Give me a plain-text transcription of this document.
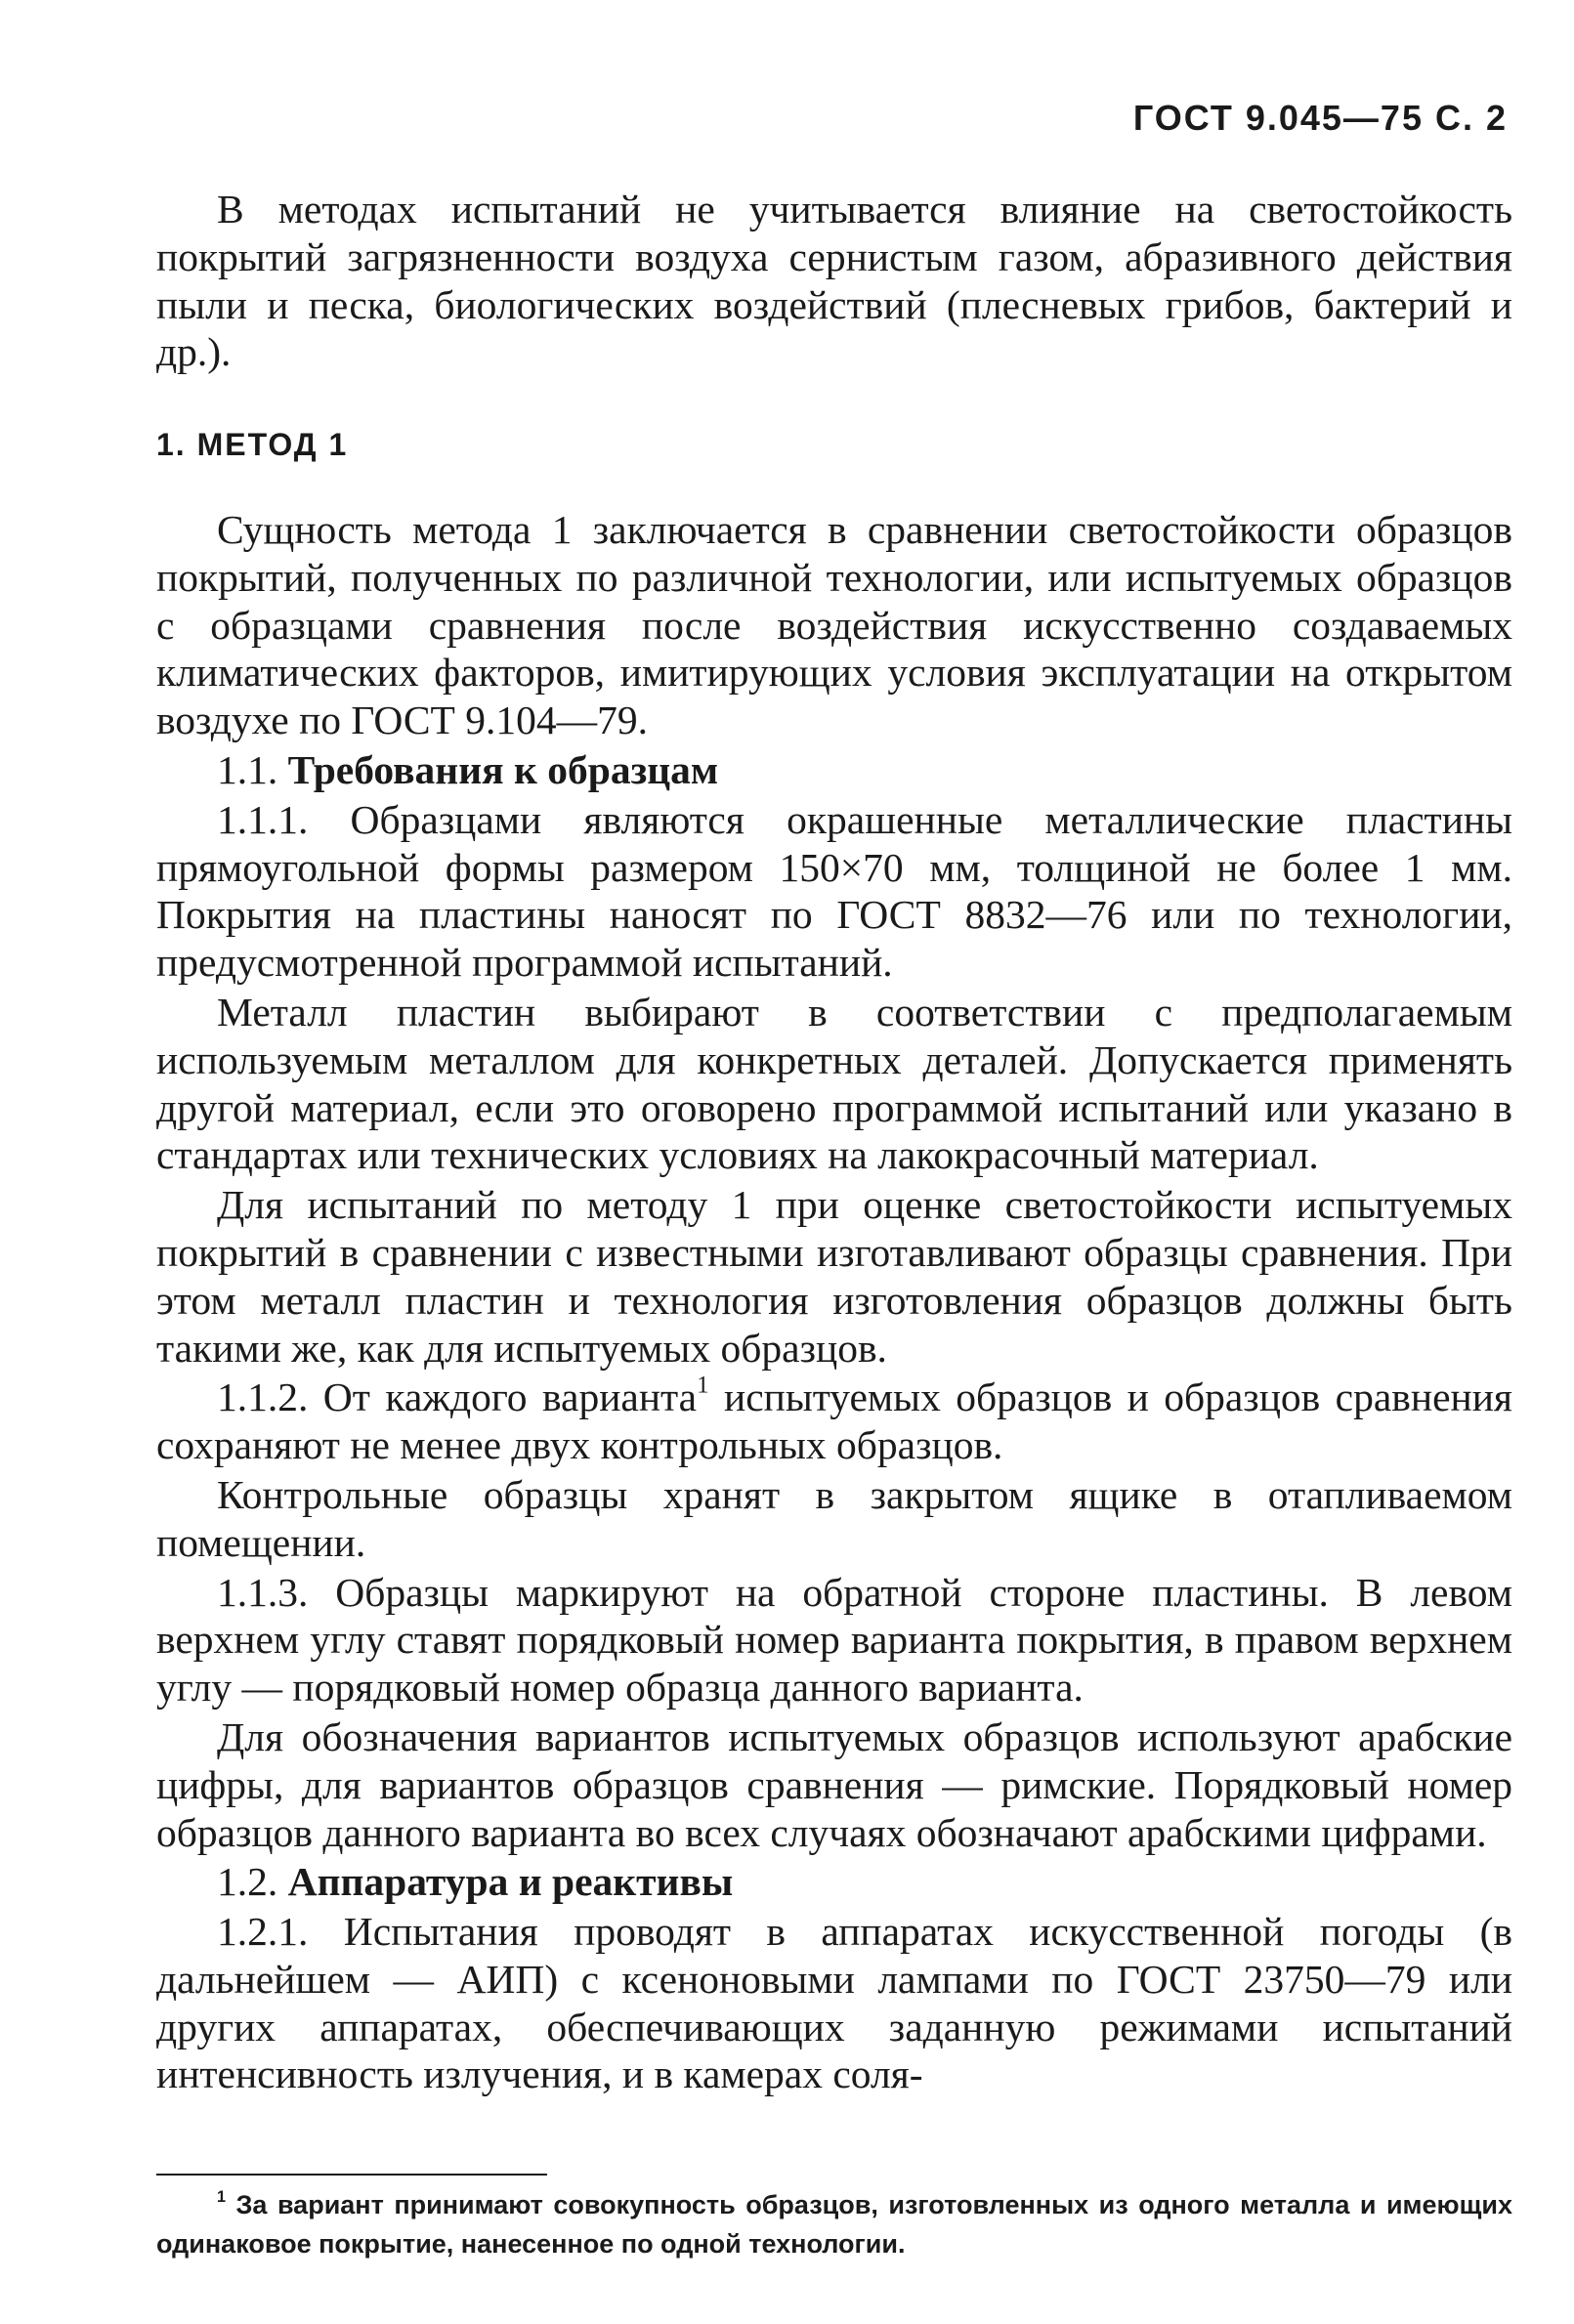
ГОСТ 9.045—75 С. 2

В методах испытаний не учитывается влияние на светостойкость покрытий загрязненности воздуха сернистым газом, абразивного действия пыли и песка, биологических воздействий (плесневых грибов, бактерий и др.).

1. МЕТОД 1

Сущность метода 1 заключается в сравнении светостойкости образцов покрытий, полученных по различной технологии, или испытуемых образцов с образцами сравнения после воздействия искусственно создаваемых климатических факторов, имитирующих условия эксплуатации на открытом воздухе по ГОСТ 9.104—79.

1.1. Требования к образцам

1.1.1. Образцами являются окрашенные металлические пластины прямоугольной формы размером 150×70 мм, толщиной не более 1 мм. Покрытия на пластины наносят по ГОСТ 8832—76 или по технологии, предусмотренной программой испытаний.

Металл пластин выбирают в соответствии с предполагаемым используемым металлом для конкретных деталей. Допускается применять другой материал, если это оговорено программой испытаний или указано в стандартах или технических условиях на лакокрасочный материал.

Для испытаний по методу 1 при оценке светостойкости испытуемых покрытий в сравнении с известными изготавливают образцы сравнения. При этом металл пластин и технология изготовления образцов должны быть такими же, как для испытуемых образцов.

1.1.2. От каждого варианта$^1$ испытуемых образцов и образцов сравнения сохраняют не менее двух контрольных образцов.

Контрольные образцы хранят в закрытом ящике в отапливаемом помещении.

1.1.3. Образцы маркируют на обратной стороне пластины. В левом верхнем углу ставят порядковый номер варианта покрытия, в правом верхнем углу — порядковый номер образца данного варианта.

Для обозначения вариантов испытуемых образцов используют арабские цифры, для вариантов образцов сравнения — римские. Порядковый номер образцов данного варианта во всех случаях обозначают арабскими цифрами.

1.2. Аппаратура и реактивы

1.2.1. Испытания проводят в аппаратах искусственной погоды (в дальнейшем — АИП) с ксеноновыми лампами по ГОСТ 23750—79 или других аппаратах, обеспечивающих заданную режимами испытаний интенсивность излучения, и в камерах соля-

$^1$ За вариант принимают совокупность образцов, изготовленных из одного металла и имеющих одинаковое покрытие, нанесенное по одной технологии.
